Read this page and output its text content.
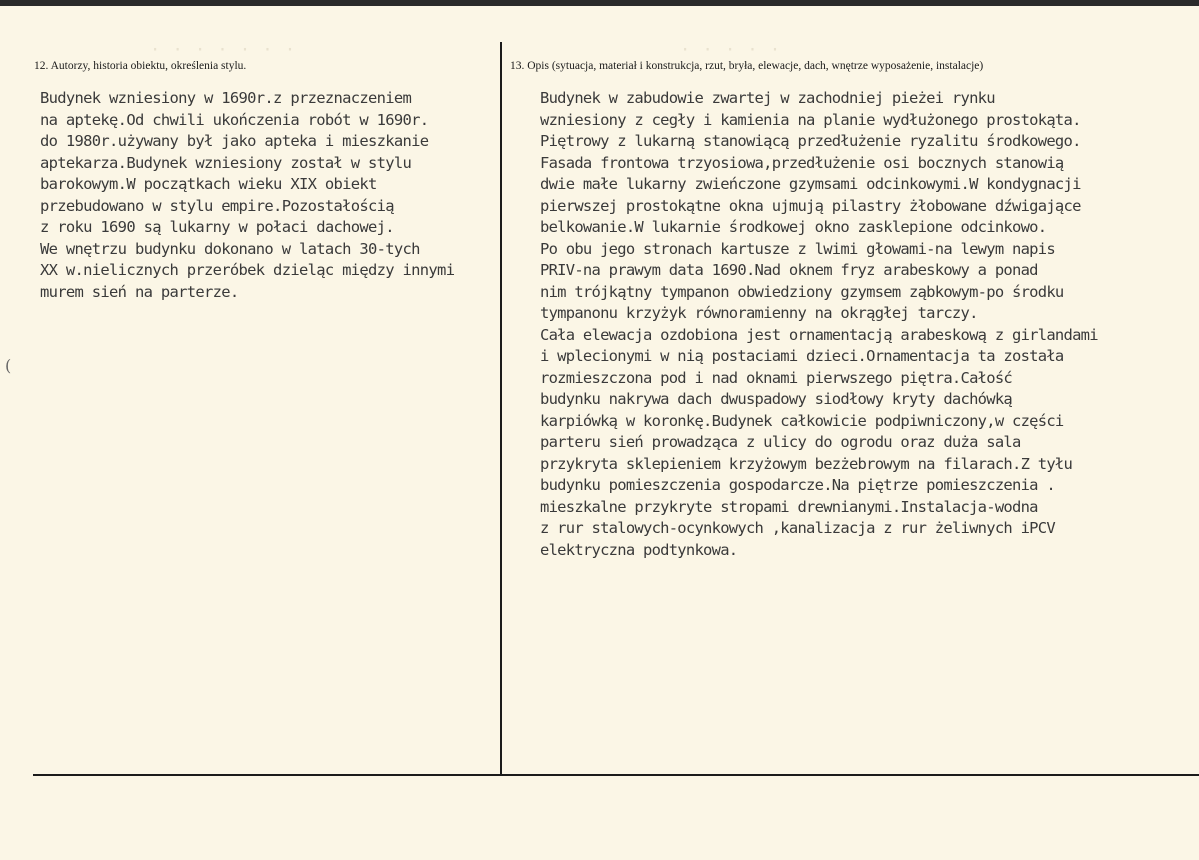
· · · · · · ·	· · · · ·
12. Autorzy, historia obiektu, określenia stylu.	13. Opis (sytuacja, materiał i konstrukcja, rzut, bryła, elewacje, dach, wnętrze wyposażenie, instalacje)
Budynek wzniesiony w 1690r.z przeznaczeniem
na aptekę.Od chwili ukończenia robót w 1690r.
do 1980r.używany był jako apteka i mieszkanie
aptekarza.Budynek wzniesiony został w stylu
barokowym.W początkach wieku XIX obiekt
przebudowano w stylu empire.Pozostałością
z roku 1690 są lukarny w połaci dachowej.
We wnętrzu budynku dokonano w latach 30-tych
XX w.nielicznych przeróbek dzieląc między innymi
murem sień na parterze.
Budynek w zabudowie zwartej w zachodniej pieżei rynku
wzniesiony z cegły i kamienia na planie wydłużonego prostokąta.
Piętrowy z lukarną stanowiącą przedłużenie ryzalitu środkowego.
Fasada frontowa trzyosiowa,przedłużenie osi bocznych stanowią
dwie małe lukarny zwieńczone gzymsami odcinkowymi.W kondygnacji
pierwszej prostokątne okna ujmują pilastry żłobowane dźwigające
belkowanie.W lukarnie środkowej okno zasklepione odcinkowo.
Po obu jego stronach kartusze z lwimi głowami-na lewym napis
PRIV-na prawym data 1690.Nad oknem fryz arabeskowy a ponad
nim trójkątny tympanon obwiedziony gzymsem ząbkowym-po środku
tympanonu krzyżyk równoramienny na okrągłej tarczy.
Cała elewacja ozdobiona jest ornamentacją arabeskową z girlandami
i wplecionymi w nią postaciami dzieci.Ornamentacja ta została
rozmieszczona pod i nad oknami pierwszego piętra.Całość
budynku nakrywa dach dwuspadowy siodłowy kryty dachówką
karpiówką w koronkę.Budynek całkowicie podpiwniczony,w części
parteru sień prowadząca z ulicy do ogrodu oraz duża sala
przykryta sklepieniem krzyżowym bezżebrowym na filarach.Z tyłu
budynku pomieszczenia gospodarcze.Na piętrze pomieszczenia .
mieszkalne przykryte stropami drewnianymi.Instalacja-wodna
z rur stalowych-ocynkowych ,kanalizacja z rur żeliwnych iPCV
elektryczna podtynkowa.
(
